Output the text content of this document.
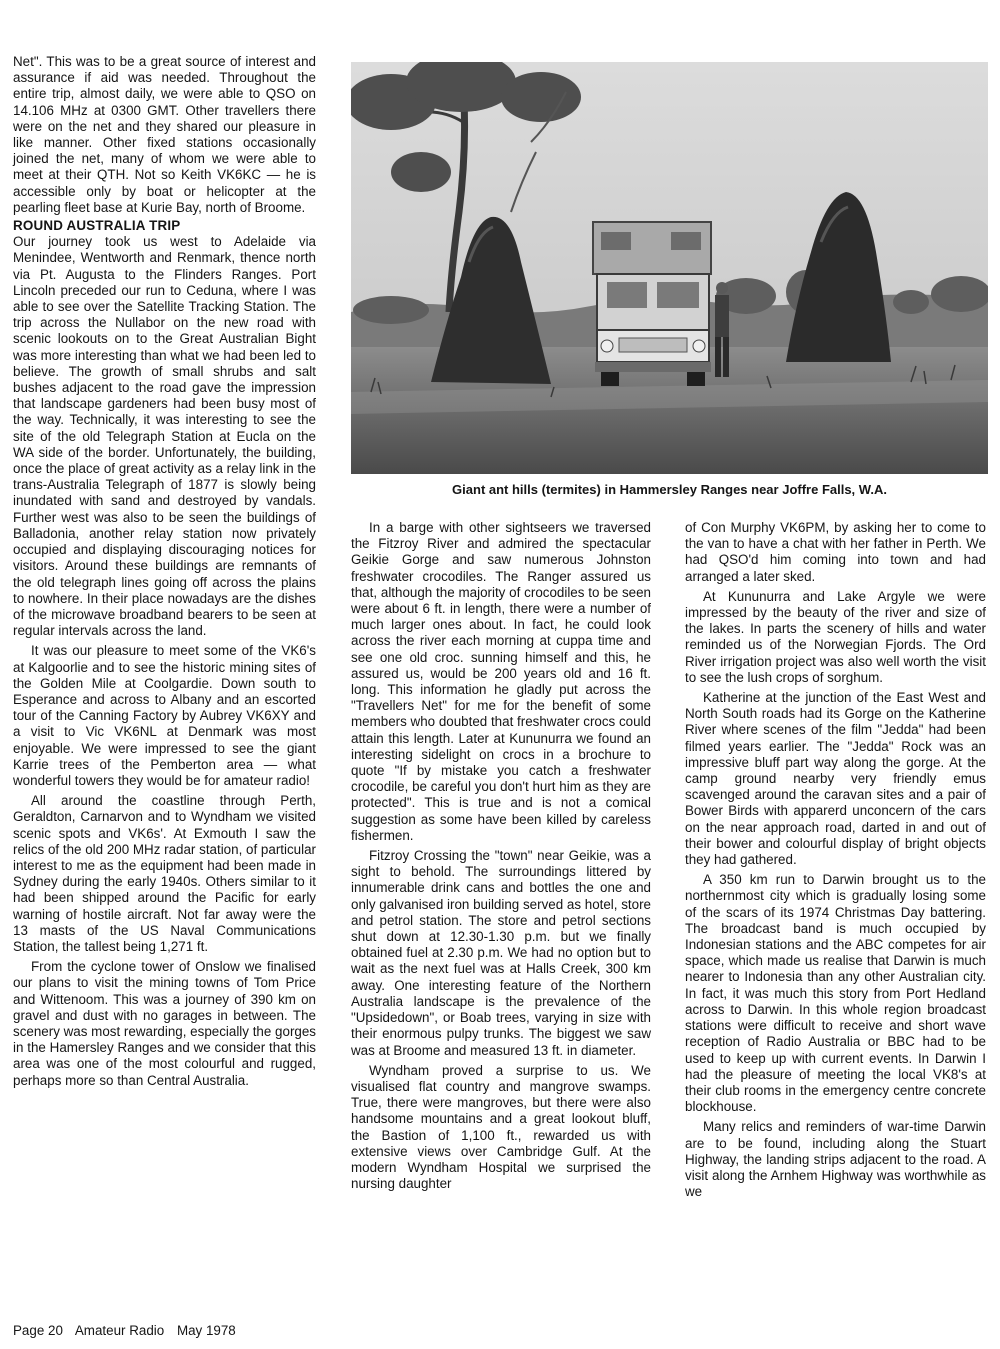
Net". This was to be a great source of interest and assurance if aid was needed. Throughout the entire trip, almost daily, we were able to QSO on 14.106 MHz at 0300 GMT. Other travellers there were on the net and they shared our pleasure in like manner. Other fixed stations occasionally joined the net, many of whom we were able to meet at their QTH. Not so Keith VK6KC — he is accessible only by boat or helicopter at the pearling fleet base at Kurie Bay, north of Broome.

ROUND AUSTRALIA TRIP

Our journey took us west to Adelaide via Menindee, Wentworth and Renmark, thence north via Pt. Augusta to the Flinders Ranges. Port Lincoln preceded our run to Ceduna, where I was able to see over the Satellite Tracking Station. The trip across the Nullabor on the new road with scenic lookouts on to the Great Australian Bight was more interesting than what we had been led to believe. The growth of small shrubs and salt bushes adjacent to the road gave the impression that landscape gardeners had been busy most of the way. Technically, it was interesting to see the site of the old Telegraph Station at Eucla on the WA side of the border. Unfortunately, the building, once the place of great activity as a relay link in the trans-Australia Telegraph of 1877 is slowly being inundated with sand and destroyed by vandals. Further west was also to be seen the buildings of Balladonia, another relay station now privately occupied and displaying discouraging notices for visitors. Around these buildings are remnants of the old telegraph lines going off across the plains to nowhere. In their place nowadays are the dishes of the microwave broadband bearers to be seen at regular intervals across the land.

It was our pleasure to meet some of the VK6's at Kalgoorlie and to see the historic mining sites of the Golden Mile at Coolgardie. Down south to Esperance and across to Albany and an escorted tour of the Canning Factory by Aubrey VK6XY and a visit to Vic VK6NL at Denmark was most enjoyable. We were impressed to see the giant Karrie trees of the Pemberton area — what wonderful towers they would be for amateur radio!

All around the coastline through Perth, Geraldton, Carnarvon and to Wyndham we visited scenic spots and VK6s'. At Exmouth I saw the relics of the old 200 MHz radar station, of particular interest to me as the equipment had been made in Sydney during the early 1940s. Others similar to it had been shipped around the Pacific for early warning of hostile aircraft. Not far away were the 13 masts of the US Naval Communications Station, the tallest being 1,271 ft.

From the cyclone tower of Onslow we finalised our plans to visit the mining towns of Tom Price and Wittenoom. This was a journey of 390 km on gravel and dust with no garages in between. The scenery was most rewarding, especially the gorges in the Hamersley Ranges and we consider that this area was one of the most colourful and rugged, perhaps more so than Central Australia.

Giant ant hills (termites) in Hammersley Ranges near Joffre Falls, W.A.

In a barge with other sightseers we traversed the Fitzroy River and admired the spectacular Geikie Gorge and saw numerous Johnston freshwater crocodiles. The Ranger assured us that, although the majority of crocodiles to be seen were about 6 ft. in length, there were a number of much larger ones about. In fact, he could look across the river each morning at cuppa time and see one old croc. sunning himself and this, he assured us, would be 200 years old and 16 ft. long. This information he gladly put across the "Travellers Net" for me for the benefit of some members who doubted that freshwater crocs could attain this length. Later at Kununurra we found an interesting sidelight on crocs in a brochure to quote "If by mistake you catch a freshwater crocodile, be careful you don't hurt him as they are protected". This is true and is not a comical suggestion as some have been killed by careless fishermen.

Fitzroy Crossing the "town" near Geikie, was a sight to behold. The surroundings littered by innumerable drink cans and bottles the one and only galvanised iron building served as hotel, store and petrol station. The store and petrol sections shut down at 12.30-1.30 p.m. but we finally obtained fuel at 2.30 p.m. We had no option but to wait as the next fuel was at Halls Creek, 300 km away. One interesting feature of the Northern Australia landscape is the prevalence of the "Upsidedown", or Boab trees, varying in size with their enormous pulpy trunks. The biggest we saw was at Broome and measured 13 ft. in diameter.

Wyndham proved a surprise to us. We visualised flat country and mangrove swamps. True, there were mangroves, but there were also handsome mountains and a great lookout bluff, the Bastion of 1,100 ft., rewarded us with extensive views over Cambridge Gulf. At the modern Wyndham Hospital we surprised the nursing daughter

of Con Murphy VK6PM, by asking her to come to the van to have a chat with her father in Perth. We had QSO'd him coming into town and had arranged a later sked.

At Kununurra and Lake Argyle we were impressed by the beauty of the river and size of the lakes. In parts the scenery of hills and water reminded us of the Norwegian Fjords. The Ord River irrigation project was also well worth the visit to see the lush crops of sorghum.

Katherine at the junction of the East West and North South roads had its Gorge on the Katherine River where scenes of the film "Jedda" had been filmed years earlier. The "Jedda" Rock was an impressive bluff part way along the gorge. At the camp ground nearby very friendly emus scavenged around the caravan sites and a pair of Bower Birds with apparerd unconcern of the cars on the near approach road, darted in and out of their bower and colourful display of bright objects they had gathered.

A 350 km run to Darwin brought us to the northernmost city which is gradually losing some of the scars of its 1974 Christmas Day battering. The broadcast band is much occupied by Indonesian stations and the ABC competes for air space, which made us realise that Darwin is much nearer to Indonesia than any other Australian city. In fact, it was much this story from Port Hedland across to Darwin. In this whole region broadcast stations were difficult to receive and short wave reception of Radio Australia or BBC had to be used to keep up with current events. In Darwin I had the pleasure of meeting the local VK8's at their club rooms in the emergency centre concrete blockhouse.

Many relics and reminders of war-time Darwin are to be found, including along the Stuart Highway, the landing strips adjacent to the road. A visit along the Arnhem Highway was worthwhile as we

Page 20 Amateur Radio May 1978
